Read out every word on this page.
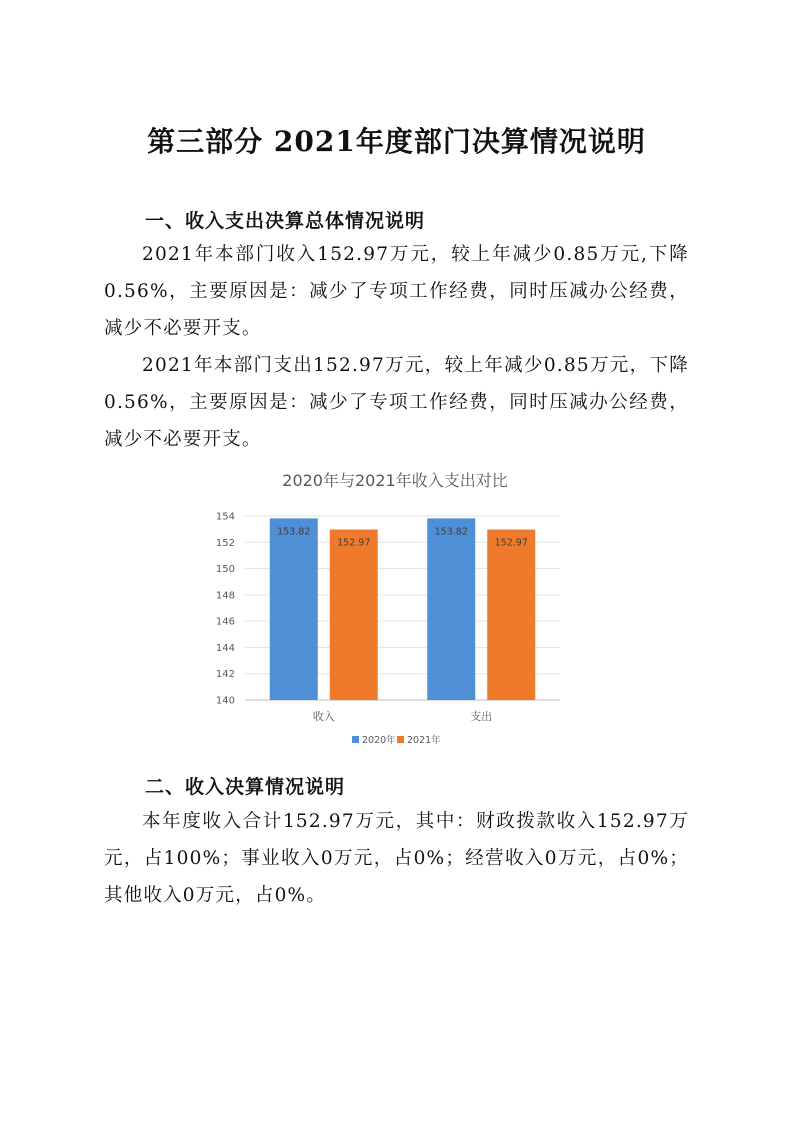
第三部分 2021年度部门决算情况说明
一、收入支出决算总体情况说明
2021年本部门收入152.97万元，较上年减少0.85万元,下降0.56%，主要原因是：减少了专项工作经费，同时压减办公经费，减少不必要开支。
2021年本部门支出152.97万元，较上年减少0.85万元，下降0.56%，主要原因是：减少了专项工作经费，同时压减办公经费，减少不必要开支。
2020年与2021年收入支出对比
140
142
144
146
148
150
152
154
153.82
152.97
收入
153.82
152.97
支出
2020年 2021年
二、收入决算情况说明
本年度收入合计152.97万元，其中：财政拨款收入152.97万元，占100%；事业收入0万元，占0%；经营收入0万元，占0%；其他收入0万元，占0%。
